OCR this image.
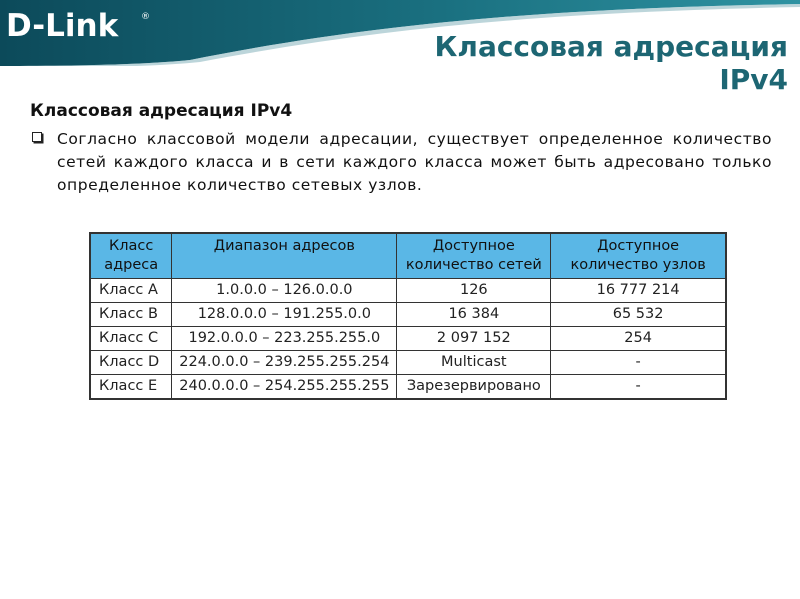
D-Link	®
Классовая адресация
IPv4
Классовая адресация IPv4
Согласно классовой модели адресации, существует определенное количество сетей каждого класса и в сети каждого класса может быть адресовано только определенное количество сетевых узлов.
Класс адреса	Диапазон адресов	Доступное количество сетей	Доступное количество узлов
Класс A	1.0.0.0 – 126.0.0.0	126	16 777 214
Класс B	128.0.0.0 – 191.255.0.0	16 384	65 532
Класс C	192.0.0.0 – 223.255.255.0	2 097 152	254
Класс D	224.0.0.0 – 239.255.255.254	Multicast	-
Класс E	240.0.0.0 – 254.255.255.255	Зарезервировано	-
